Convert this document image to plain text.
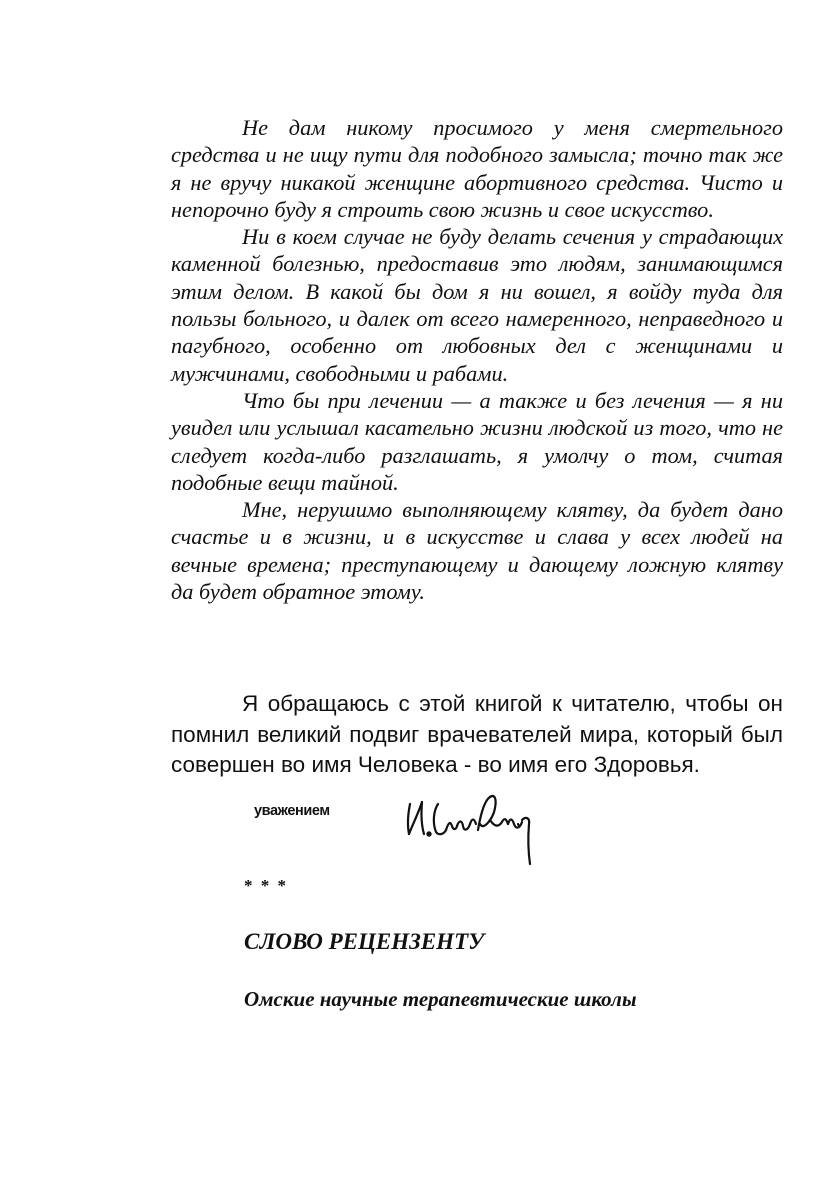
Не дам никому просимого у меня смертельного средства и не ищу пути для подобного замысла; точно так же я не вручу никакой женщине абортивного средства. Чисто и непорочно буду я строить свою жизнь и свое искусство.

Ни в коем случае не буду делать сечения у страдающих каменной болезнью, предоставив это людям, занимающимся этим делом. В какой бы дом я ни вошел, я войду туда для пользы больного, и далек от всего намеренного, неправедного и пагубного, особенно от любовных дел с женщинами и мужчинами, свободными и рабами.

Что бы при лечении — а также и без лечения — я ни увидел или услышал касательно жизни людской из того, что не следует когда-либо разглашать, я умолчу о том, считая подобные вещи тайной.

Мне, нерушимо выполняющему клятву, да будет дано счастье и в жизни, и в искусстве и слава у всех людей на вечные времена; преступающему и дающему ложную клятву да будет обратное этому.

Я обращаюсь с этой книгой к читателю, чтобы он помнил великий подвиг врачевателей мира, который был совершен во имя Человека - во имя его Здоровья.

уважением

* * *

СЛОВО РЕЦЕНЗЕНТУ

Омские научные терапевтические школы
